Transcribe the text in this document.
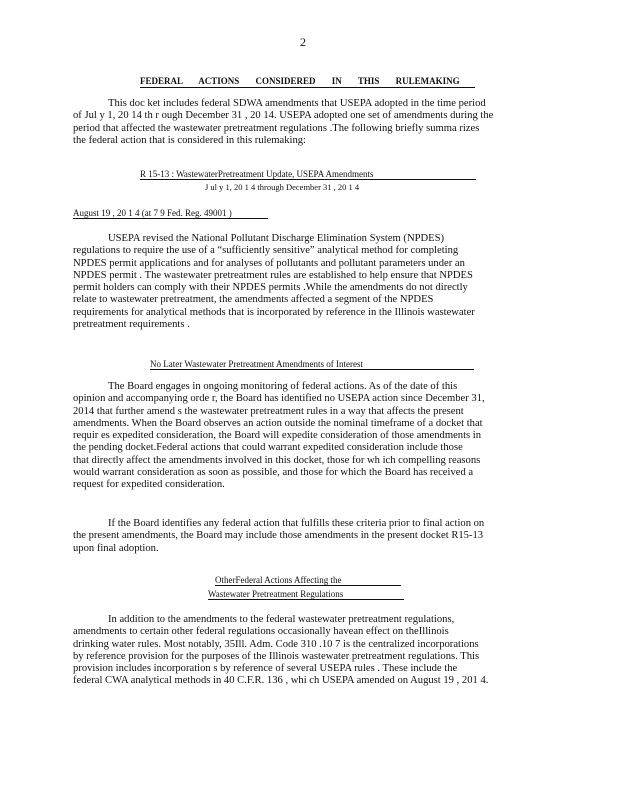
2
FEDERAL ACTIONS CONSIDERED IN THIS RULEMAKING
This doc ket includes federal SDWA amendments that USEPA adopted in the time period
of Jul y 1, 20 14 th r ough December 31 , 20 14. USEPA adopted one set of amendments during the
period that affected the wastewater pretreatment regulations .The following briefly summa rizes
the federal action that is considered in this rulemaking:
R 15-13 : WastewaterPretreatment Update, USEPA Amendments
J ul y 1, 20 1 4 through December 31 , 20 1 4
August 19 , 20 1 4 (at 7 9 Fed. Reg. 49001 )
USEPA revised the National Pollutant Discharge Elimination System (NPDES)
regulations to require the use of a “sufficiently sensitive” analytical method for completing
NPDES permit applications and for analyses of pollutants and pollutant parameters under an
NPDES permit . The wastewater pretreatment rules are established to help ensure that NPDES
permit holders can comply with their NPDES permits .While the amendments do not directly
relate to wastewater pretreatment, the amendments affected a segment of the NPDES
requirements for analytical methods that is incorporated by reference in the Illinois wastewater
pretreatment requirements .
No Later Wastewater Pretreatment Amendments of Interest
The Board engages in ongoing monitoring of federal actions. As of the date of this
opinion and accompanying orde r, the Board has identified no USEPA action since December 31,
2014 that further amend s the wastewater pretreatment rules in a way that affects the present
amendments. When the Board observes an action outside the nominal timeframe of a docket that
requir es expedited consideration, the Board will expedite consideration of those amendments in
the pending docket.Federal actions that could warrant expedited consideration include those
that directly affect the amendments involved in this docket, those for wh ich compelling reasons
would warrant consideration as soon as possible, and those for which the Board has received a
request for expedited consideration.
If the Board identifies any federal action that fulfills these criteria prior to final action on
the present amendments, the Board may include those amendments in the present docket R15-13
upon final adoption.
OtherFederal Actions Affecting the
Wastewater Pretreatment Regulations
In addition to the amendments to the federal wastewater pretreatment regulations,
amendments to certain other federal regulations occasionally havean effect on theIllinois
drinking water rules. Most notably, 35Ill. Adm. Code 310 .10 7 is the centralized incorporations
by reference provision for the purposes of the Illinois wastewater pretreatment regulations. This
provision includes incorporation s by reference of several USEPA rules . These include the
federal CWA analytical methods in 40 C.F.R. 136 , whi ch USEPA amended on August 19 , 201 4.
